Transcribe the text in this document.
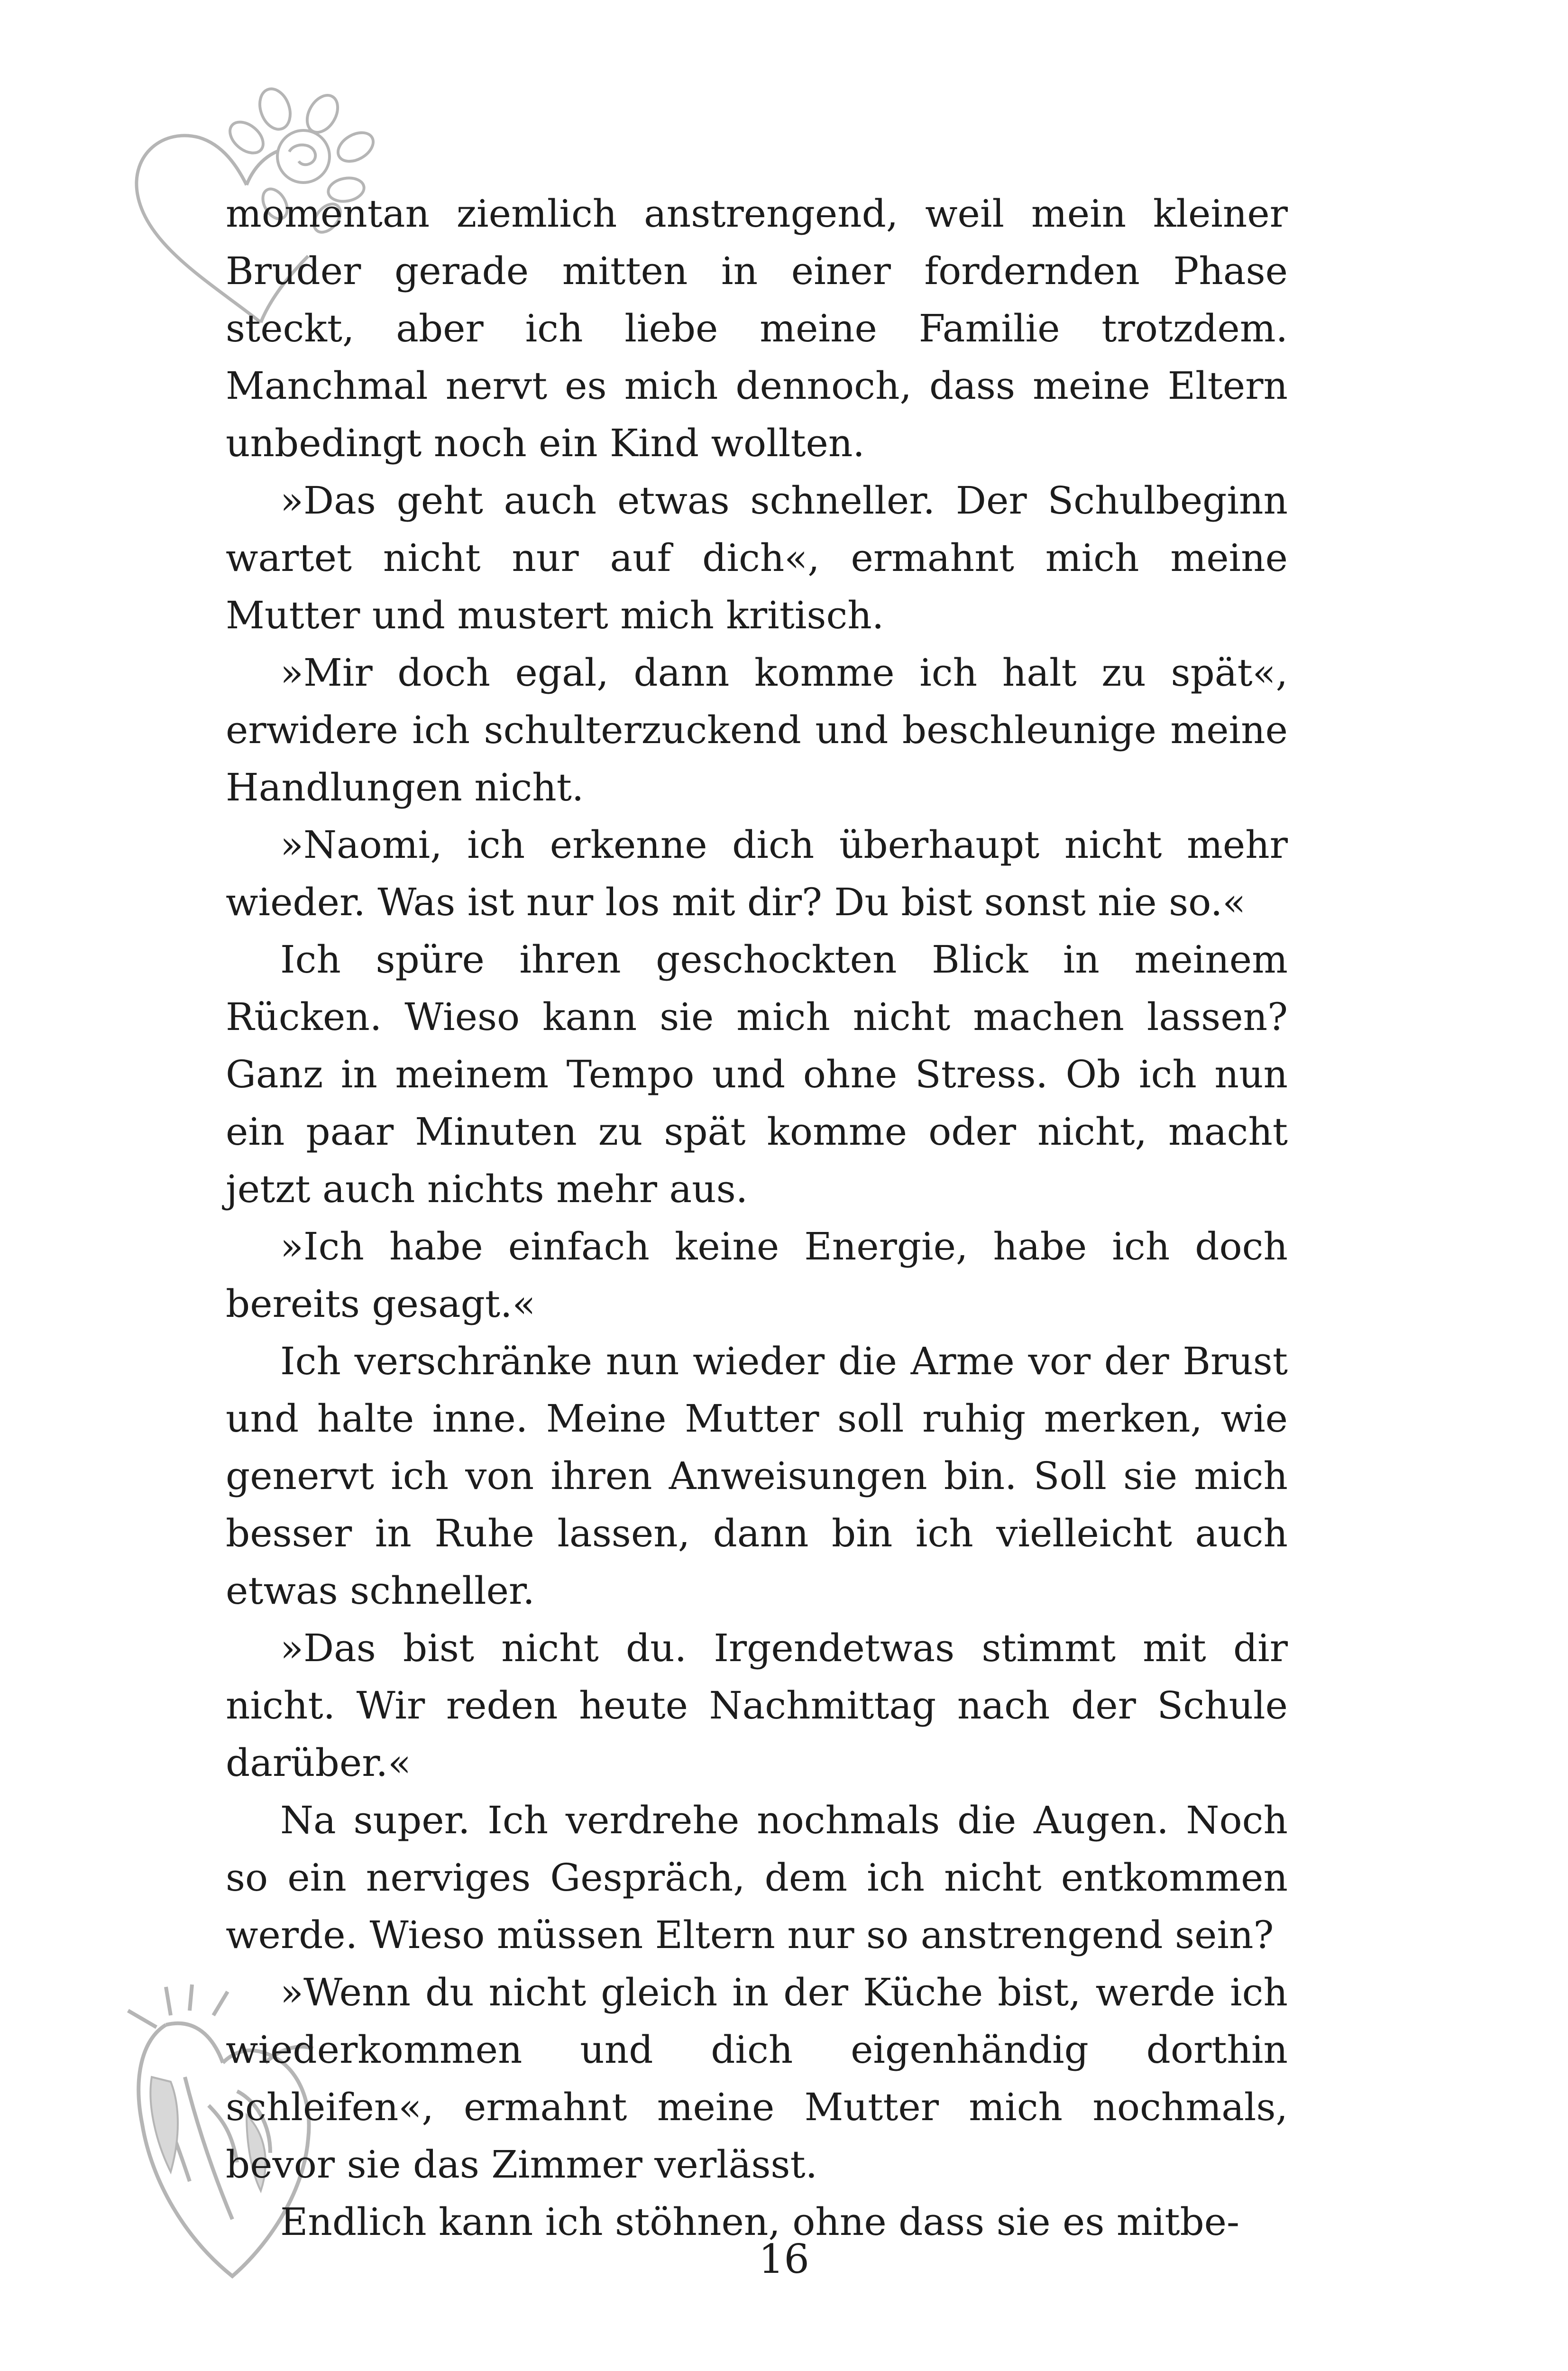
momentan ziemlich anstrengend, weil mein kleiner Bruder gerade mitten in einer fordernden Phase steckt, aber ich liebe meine Familie trotzdem. Manchmal nervt es mich dennoch, dass meine Eltern unbedingt noch ein Kind wollten.

»Das geht auch etwas schneller. Der Schulbeginn wartet nicht nur auf dich«, ermahnt mich meine Mutter und mustert mich kritisch.

»Mir doch egal, dann komme ich halt zu spät«, erwidere ich schulterzuckend und beschleunige meine Handlungen nicht.

»Naomi, ich erkenne dich überhaupt nicht mehr wieder. Was ist nur los mit dir? Du bist sonst nie so.«

Ich spüre ihren geschockten Blick in meinem Rücken. Wieso kann sie mich nicht machen lassen? Ganz in meinem Tempo und ohne Stress. Ob ich nun ein paar Minuten zu spät komme oder nicht, macht jetzt auch nichts mehr aus.

»Ich habe einfach keine Energie, habe ich doch bereits gesagt.«

Ich verschränke nun wieder die Arme vor der Brust und halte inne. Meine Mutter soll ruhig merken, wie genervt ich von ihren Anweisungen bin. Soll sie mich besser in Ruhe lassen, dann bin ich vielleicht auch etwas schneller.

»Das bist nicht du. Irgendetwas stimmt mit dir nicht. Wir reden heute Nachmittag nach der Schule darüber.«

Na super. Ich verdrehe nochmals die Augen. Noch so ein nerviges Gespräch, dem ich nicht entkommen werde. Wieso müssen Eltern nur so anstrengend sein?

»Wenn du nicht gleich in der Küche bist, werde ich wiederkommen und dich eigenhändig dorthin schleifen«, ermahnt meine Mutter mich nochmals, bevor sie das Zimmer verlässt.

Endlich kann ich stöhnen, ohne dass sie es mitbe-

16
